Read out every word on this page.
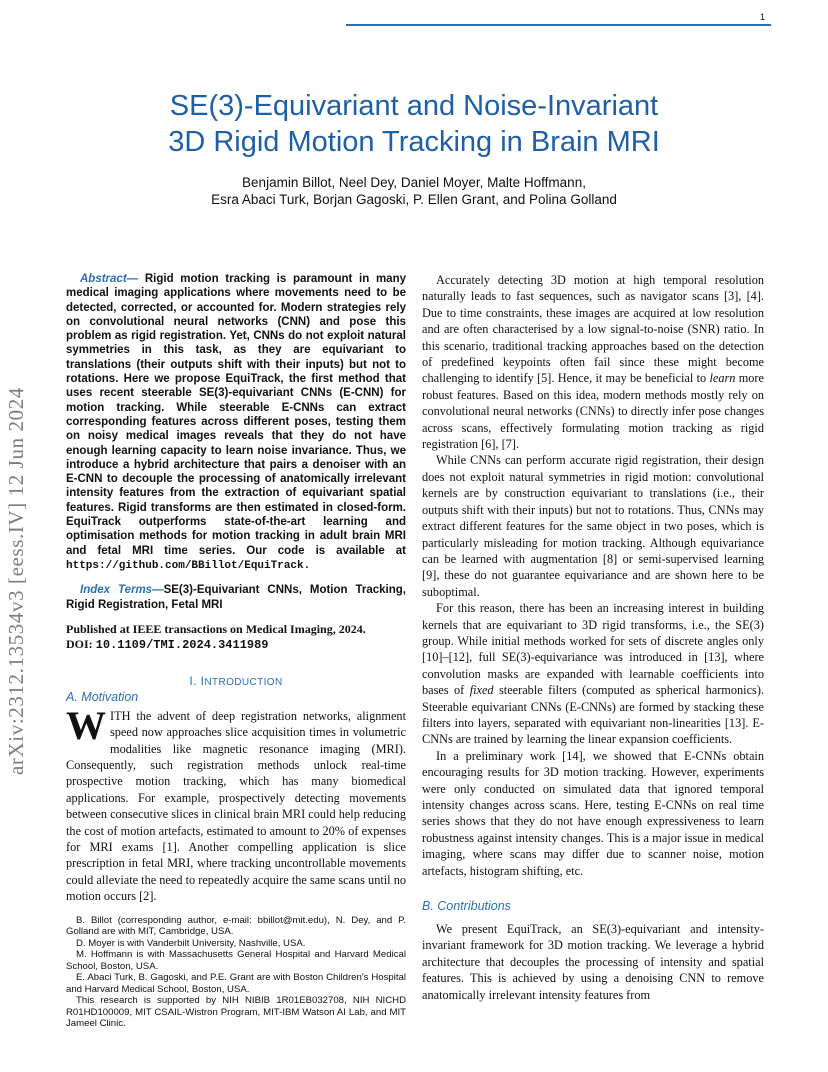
1
arXiv:2312.13534v3 [eess.IV] 12 Jun 2024
SE(3)-Equivariant and Noise-Invariant
3D Rigid Motion Tracking in Brain MRI
Benjamin Billot, Neel Dey, Daniel Moyer, Malte Hoffmann,
Esra Abaci Turk, Borjan Gagoski, P. Ellen Grant, and Polina Golland

Abstract— Rigid motion tracking is paramount in many medical imaging applications where movements need to be detected, corrected, or accounted for. Modern strategies rely on convolutional neural networks (CNN) and pose this problem as rigid registration. Yet, CNNs do not exploit natural symmetries in this task, as they are equivariant to translations (their outputs shift with their inputs) but not to rotations. Here we propose EquiTrack, the first method that uses recent steerable SE(3)-equivariant CNNs (E-CNN) for motion tracking. While steerable E-CNNs can extract corresponding features across different poses, testing them on noisy medical images reveals that they do not have enough learning capacity to learn noise invariance. Thus, we introduce a hybrid architecture that pairs a denoiser with an E-CNN to decouple the processing of anatomically irrelevant intensity features from the extraction of equivariant spatial features. Rigid transforms are then estimated in closed-form. EquiTrack outperforms state-of-the-art learning and optimisation methods for motion tracking in adult brain MRI and fetal MRI time series. Our code is available at https://github.com/BBillot/EquiTrack.

Index Terms—SE(3)-Equivariant CNNs, Motion Tracking, Rigid Registration, Fetal MRI

Published at IEEE transactions on Medical Imaging, 2024.
DOI: 10.1109/TMI.2024.3411989
I. INTRODUCTION
A. Motivation

WITH the advent of deep registration networks, alignment speed now approaches slice acquisition times in volumetric modalities like magnetic resonance imaging (MRI). Consequently, such registration methods unlock real-time prospective motion tracking, which has many biomedical applications. For example, prospectively detecting movements between consecutive slices in clinical brain MRI could help reducing the cost of motion artefacts, estimated to amount to 20% of expenses for MRI exams [1]. Another compelling application is slice prescription in fetal MRI, where tracking uncontrollable movements could alleviate the need to repeatedly acquire the same scans until no motion occurs [2].

B. Billot (corresponding author, e-mail: bbillot@mit.edu), N. Dey, and P. Golland are with MIT, Cambridge, USA.

D. Moyer is with Vanderbilt University, Nashville, USA.

M. Hoffmann is with Massachusetts General Hospital and Harvard Medical School, Boston, USA.

E. Abaci Turk, B. Gagoski, and P.E. Grant are with Boston Children's Hospital and Harvard Medical School, Boston, USA.

This research is supported by NIH NIBIB 1R01EB032708, NIH NICHD R01HD100009, MIT CSAIL-Wistron Program, MIT-IBM Watson AI Lab, and MIT Jameel Clinic.

Accurately detecting 3D motion at high temporal resolution naturally leads to fast sequences, such as navigator scans [3], [4]. Due to time constraints, these images are acquired at low resolution and are often characterised by a low signal-to-noise (SNR) ratio. In this scenario, traditional tracking approaches based on the detection of predefined keypoints often fail since these might become challenging to identify [5]. Hence, it may be beneficial to learn more robust features. Based on this idea, modern methods mostly rely on convolutional neural networks (CNNs) to directly infer pose changes across scans, effectively formulating motion tracking as rigid registration [6], [7].

While CNNs can perform accurate rigid registration, their design does not exploit natural symmetries in rigid motion: convolutional kernels are by construction equivariant to translations (i.e., their outputs shift with their inputs) but not to rotations. Thus, CNNs may extract different features for the same object in two poses, which is particularly misleading for motion tracking. Although equivariance can be learned with augmentation [8] or semi-supervised learning [9], these do not guarantee equivariance and are shown here to be suboptimal.

For this reason, there has been an increasing interest in building kernels that are equivariant to 3D rigid transforms, i.e., the SE(3) group. While initial methods worked for sets of discrete angles only [10]–[12], full SE(3)-equivariance was introduced in [13], where convolution masks are expanded with learnable coefficients into bases of fixed steerable filters (computed as spherical harmonics). Steerable equivariant CNNs (E-CNNs) are formed by stacking these filters into layers, separated with equivariant non-linearities [13]. E-CNNs are trained by learning the linear expansion coefficients.

In a preliminary work [14], we showed that E-CNNs obtain encouraging results for 3D motion tracking. However, experiments were only conducted on simulated data that ignored temporal intensity changes across scans. Here, testing E-CNNs on real time series shows that they do not have enough expressiveness to learn robustness against intensity changes. This is a major issue in medical imaging, where scans may differ due to scanner noise, motion artefacts, histogram shifting, etc.

B. Contributions

We present EquiTrack, an SE(3)-equivariant and intensity-invariant framework for 3D motion tracking. We leverage a hybrid architecture that decouples the processing of intensity and spatial features. This is achieved by using a denoising CNN to remove anatomically irrelevant intensity features from
